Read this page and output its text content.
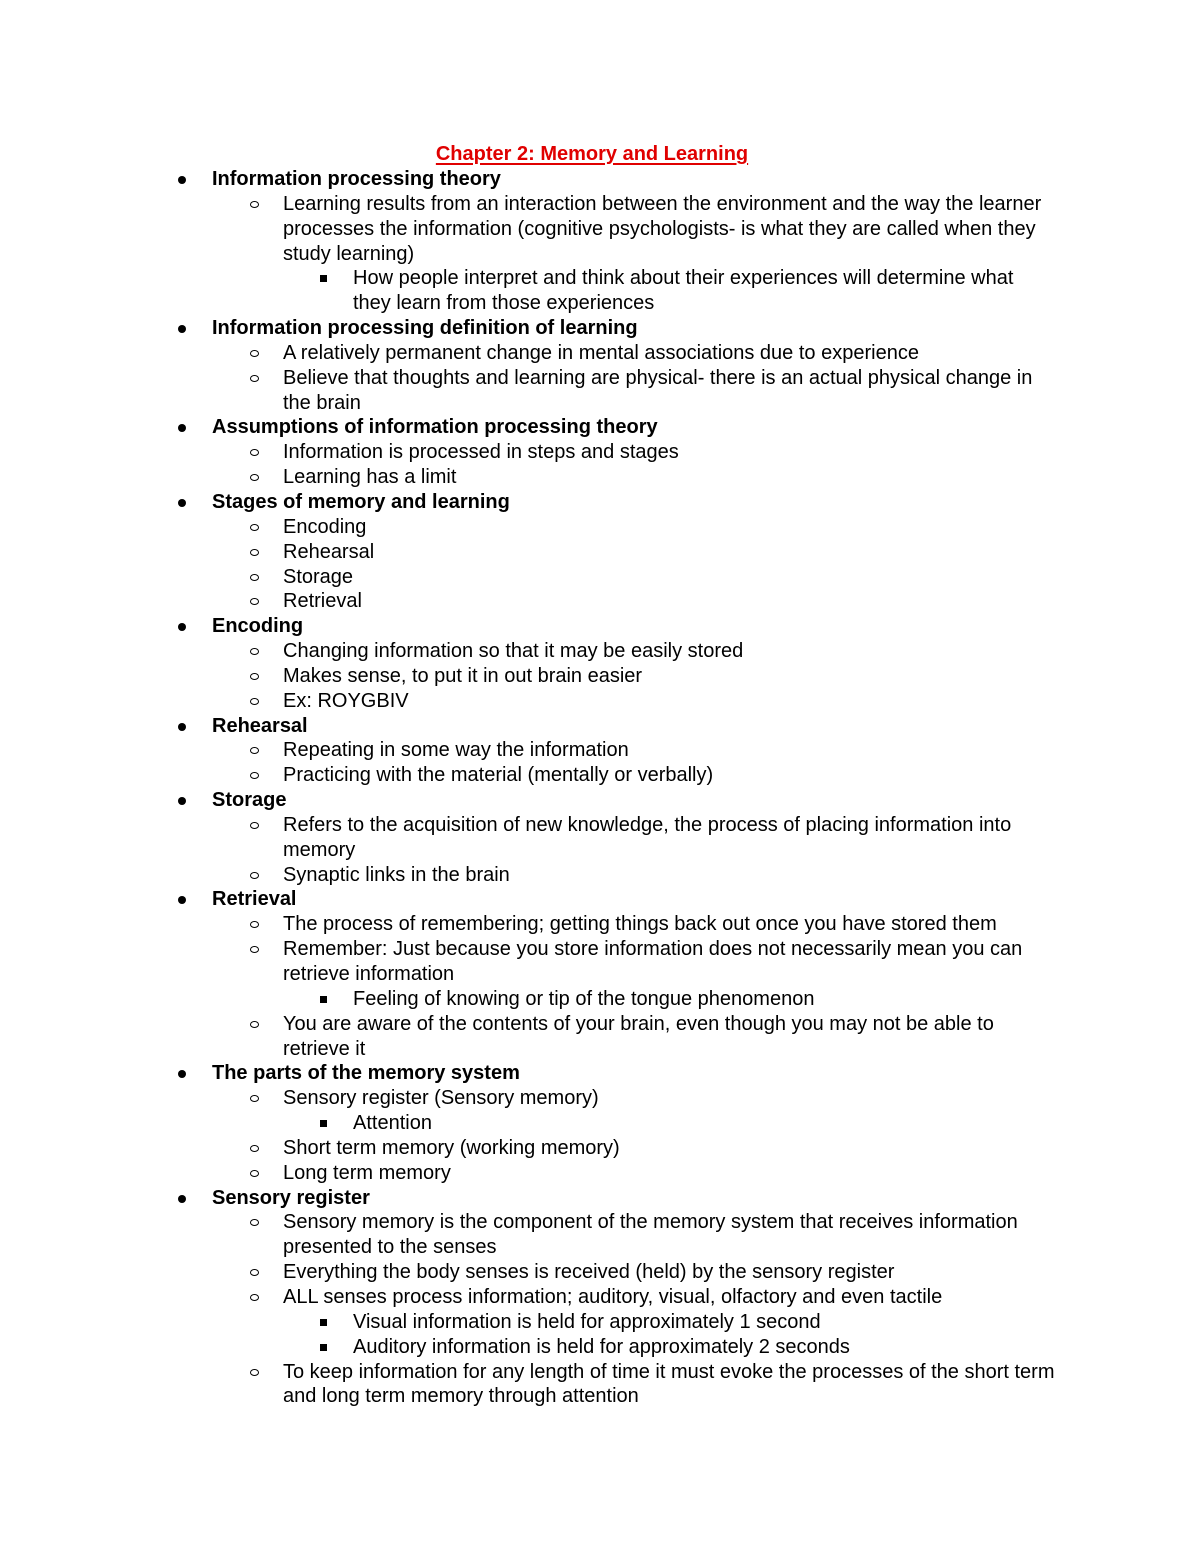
Chapter 2: Memory and Learning
Information processing theory
Learning results from an interaction between the environment and the way the learner processes the information (cognitive psychologists- is what they are called when they study learning)
How people interpret and think about their experiences will determine what they learn from those experiences
Information processing definition of learning
A relatively permanent change in mental associations due to experience
Believe that thoughts and learning are physical- there is an actual physical change in the brain
Assumptions of information processing theory
Information is processed in steps and stages
Learning has a limit
Stages of memory and learning
Encoding
Rehearsal
Storage
Retrieval
Encoding
Changing information so that it may be easily stored
Makes sense, to put it in out brain easier
Ex: ROYGBIV
Rehearsal
Repeating in some way the information
Practicing with the material (mentally or verbally)
Storage
Refers to the acquisition of new knowledge, the process of placing information into memory
Synaptic links in the brain
Retrieval
The process of remembering; getting things back out once you have stored them
Remember: Just because you store information does not necessarily mean you can retrieve information
Feeling of knowing or tip of the tongue phenomenon
You are aware of the contents of your brain, even though you may not be able to retrieve it
The parts of the memory system
Sensory register (Sensory memory)
Attention
Short term memory (working memory)
Long term memory
Sensory register
Sensory memory is the component of the memory system that receives information presented to the senses
Everything the body senses is received (held) by the sensory register
ALL senses process information; auditory, visual, olfactory and even tactile
Visual information is held for approximately 1 second
Auditory information is held for approximately 2 seconds
To keep information for any length of time it must evoke the processes of the short term and long term memory through attention
